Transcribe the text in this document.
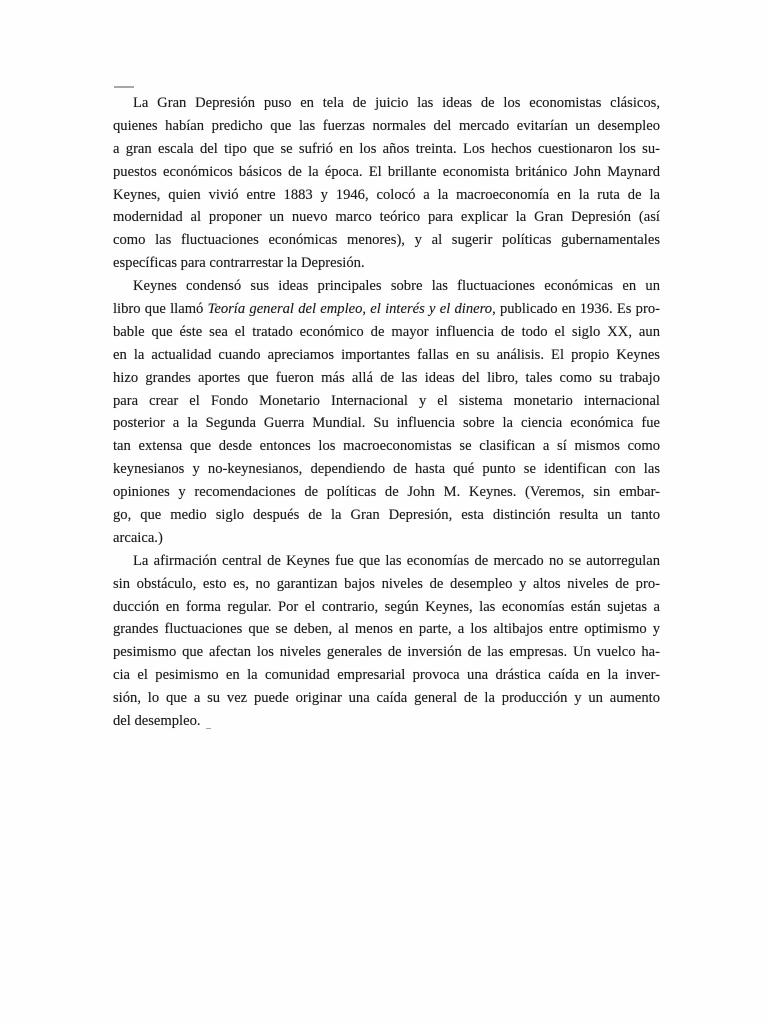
La Gran Depresión puso en tela de juicio las ideas de los economistas clásicos,
quienes habían predicho que las fuerzas normales del mercado evitarían un desempleo
a gran escala del tipo que se sufrió en los años treinta. Los hechos cuestionaron los su-
puestos económicos básicos de la época. El brillante economista británico John Maynard
Keynes, quien vivió entre 1883 y 1946, colocó a la macroeconomía en la ruta de la
modernidad al proponer un nuevo marco teórico para explicar la Gran Depresión (así
como las fluctuaciones económicas menores), y al sugerir políticas gubernamentales
específicas para contrarrestar la Depresión.
Keynes condensó sus ideas principales sobre las fluctuaciones económicas en un
libro que llamó Teoría general del empleo, el interés y el dinero, publicado en 1936. Es pro-
bable que éste sea el tratado económico de mayor influencia de todo el siglo XX, aun
en la actualidad cuando apreciamos importantes fallas en su análisis. El propio Keynes
hizo grandes aportes que fueron más allá de las ideas del libro, tales como su trabajo
para crear el Fondo Monetario Internacional y el sistema monetario internacional
posterior a la Segunda Guerra Mundial. Su influencia sobre la ciencia económica fue
tan extensa que desde entonces los macroeconomistas se clasifican a sí mismos como
keynesianos y no-keynesianos, dependiendo de hasta qué punto se identifican con las
opiniones y recomendaciones de políticas de John M. Keynes. (Veremos, sin embar-
go, que medio siglo después de la Gran Depresión, esta distinción resulta un tanto
arcaica.)
La afirmación central de Keynes fue que las economías de mercado no se autorregulan
sin obstáculo, esto es, no garantizan bajos niveles de desempleo y altos niveles de pro-
ducción en forma regular. Por el contrario, según Keynes, las economías están sujetas a
grandes fluctuaciones que se deben, al menos en parte, a los altibajos entre optimismo y
pesimismo que afectan los niveles generales de inversión de las empresas. Un vuelco ha-
cia el pesimismo en la comunidad empresarial provoca una drástica caída en la inver-
sión, lo que a su vez puede originar una caída general de la producción y un aumento
del desempleo.
